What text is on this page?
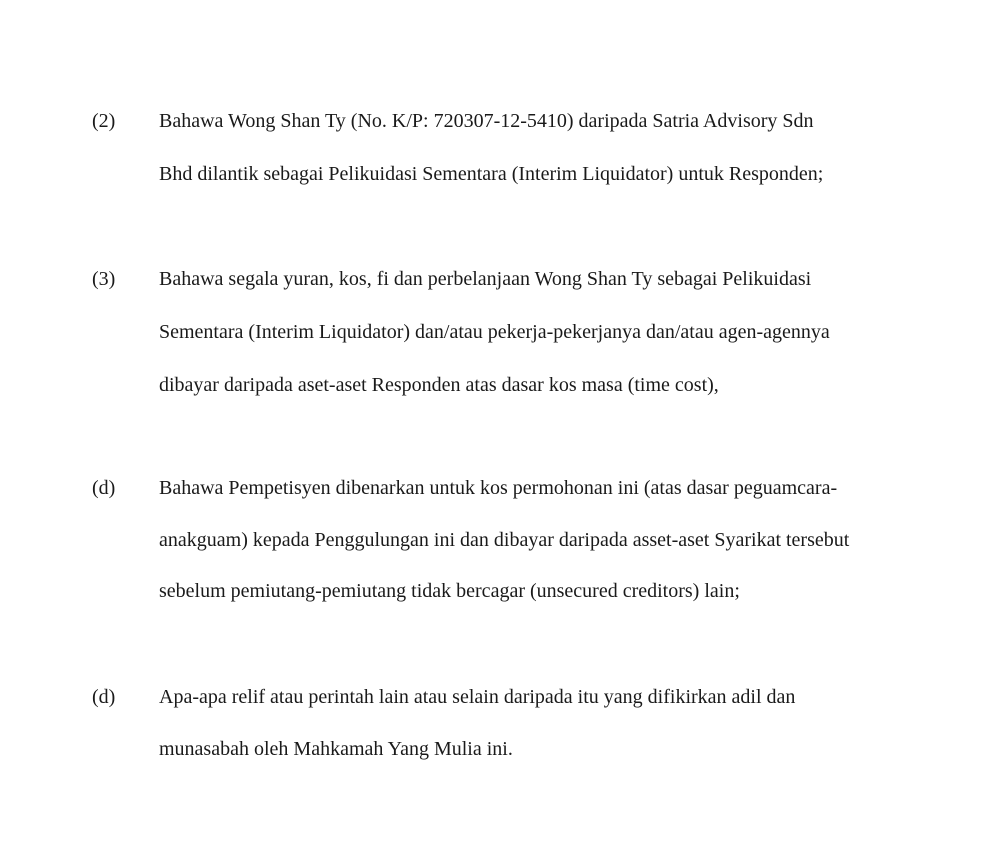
(2) Bahawa Wong Shan Ty (No. K/P: 720307-12-5410) daripada Satria Advisory Sdn
Bhd dilantik sebagai Pelikuidasi Sementara (Interim Liquidator) untuk Responden;
(3) Bahawa segala yuran, kos, fi dan perbelanjaan Wong Shan Ty sebagai Pelikuidasi
Sementara (Interim Liquidator) dan/atau pekerja-pekerjanya dan/atau agen-agennya
dibayar daripada aset-aset Responden atas dasar kos masa (time cost),
(d) Bahawa Pempetisyen dibenarkan untuk kos permohonan ini (atas dasar peguamcara-
anakguam) kepada Penggulungan ini dan dibayar daripada asset-aset Syarikat tersebut
sebelum pemiutang-pemiutang tidak bercagar (unsecured creditors) lain;
(d) Apa-apa relif atau perintah lain atau selain daripada itu yang difikirkan adil dan
munasabah oleh Mahkamah Yang Mulia ini.
